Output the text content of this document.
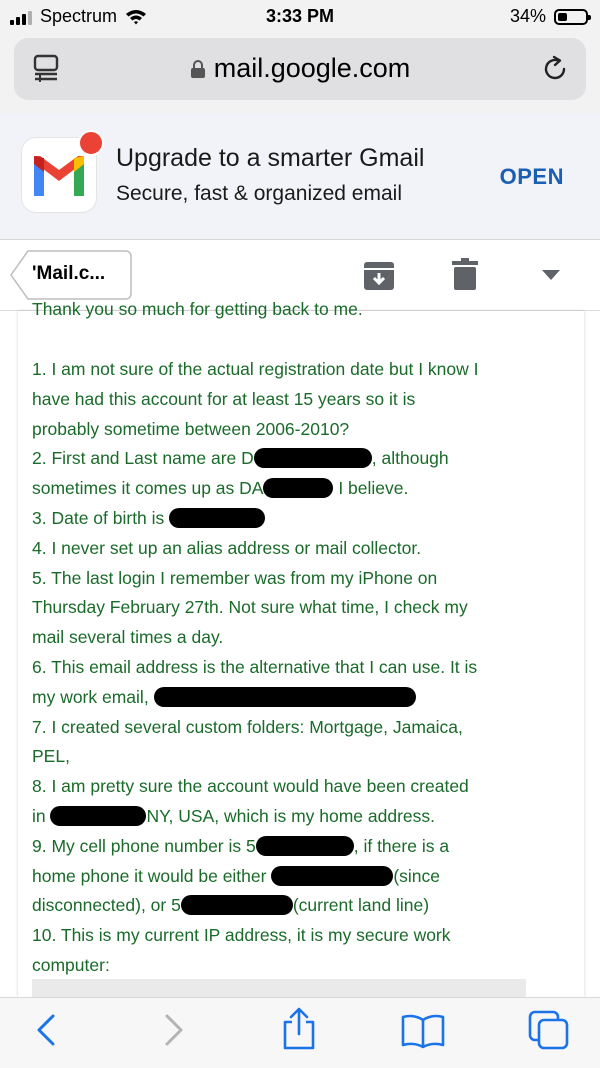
Spectrum	3:33 PM	34%
mail.google.com
Upgrade to a smarter Gmail
Secure, fast & organized email
OPEN
'Mail.c...
Thank you so much for getting back to me.
1. I am not sure of the actual registration date but I know I
have had this account for at least 15 years so it is
probably sometime between 2006-2010?
2. First and Last name are D	, although
sometimes it comes up as DA	I believe.
3. Date of birth is
4. I never set up an alias address or mail collector.
5. The last login I remember was from my iPhone on
Thursday February 27th. Not sure what time, I check my
mail several times a day.
6. This email address is the alternative that I can use. It is
my work email,
7. I created several custom folders: Mortgage, Jamaica,
PEL,
8. I am pretty sure the account would have been created
in	NY, USA, which is my home address.
9. My cell phone number is 5	, if there is a
home phone it would be either	(since
disconnected), or 5	(current land line)
10. This is my current IP address, it is my secure work
computer:
